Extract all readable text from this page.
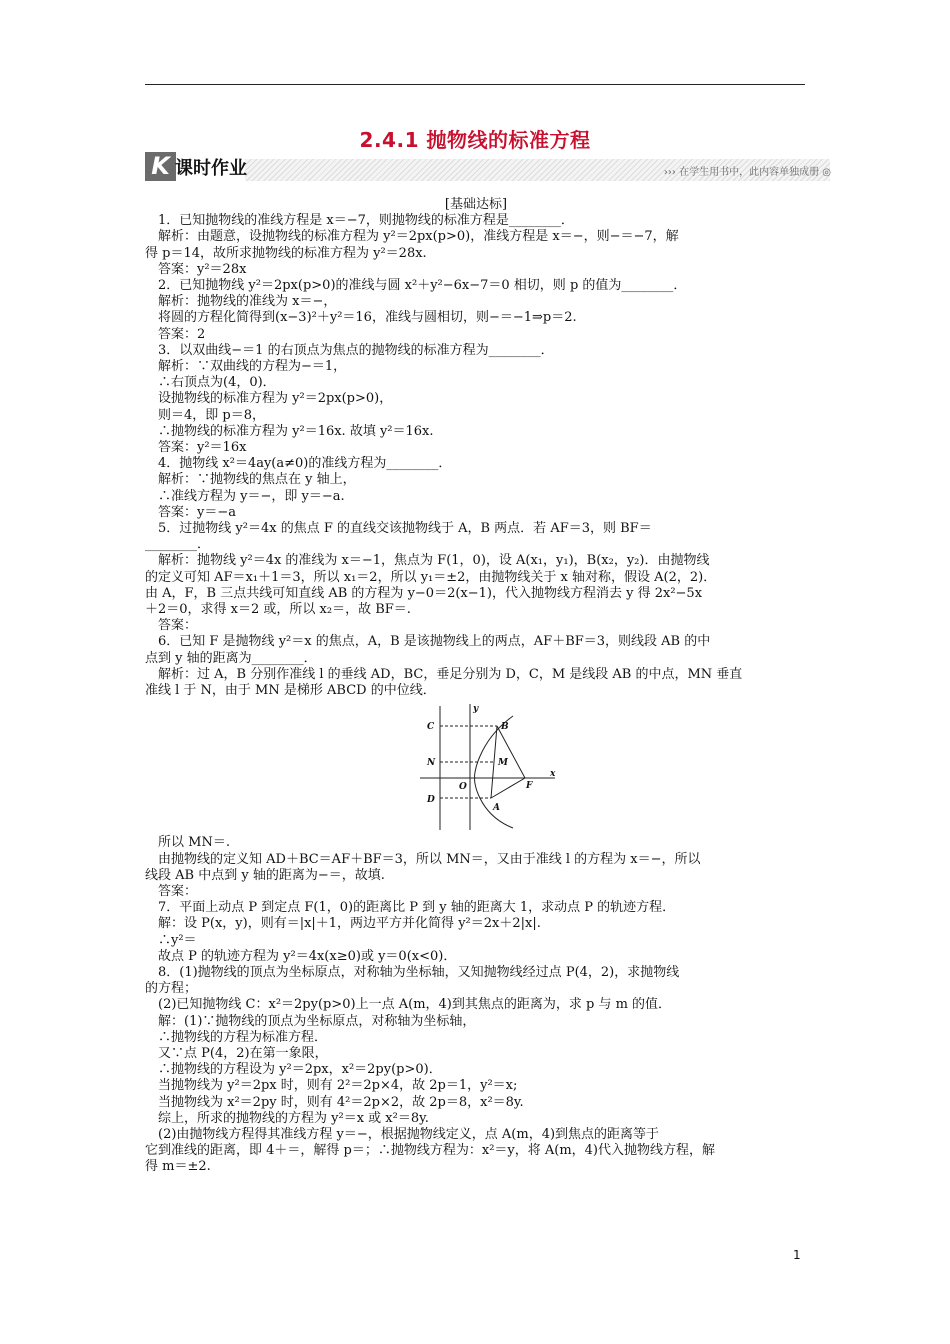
2.4.1 抛物线的标准方程
K 课时作业	››› 在学生用书中，此内容单独成册 ◎

[基础达标]

　1．已知抛物线的准线方程是 x＝−7，则抛物线的标准方程是________．

　解析：由题意，设抛物线的标准方程为 y²＝2px(p>0)，准线方程是 x＝−，则−＝−7，解

得 p＝14，故所求抛物线的标准方程为 y²＝28x.

　答案：y²＝28x

　2．已知抛物线 y²＝2px(p>0)的准线与圆 x²＋y²−6x−7＝0 相切，则 p 的值为________．

　解析：抛物线的准线为 x＝−，

　将圆的方程化简得到(x−3)²＋y²＝16，准线与圆相切，则−＝−1⇒p＝2.

　答案：2

　3．以双曲线−＝1 的右顶点为焦点的抛物线的标准方程为________．

　解析：∵双曲线的方程为−＝1，

　∴右顶点为(4，0)．

　设抛物线的标准方程为 y²＝2px(p>0)，

　则＝4，即 p＝8，

　∴抛物线的标准方程为 y²＝16x. 故填 y²＝16x.

　答案：y²＝16x

　4．抛物线 x²＝4ay(a≠0)的准线方程为________．

　解析：∵抛物线的焦点在 y 轴上，

　∴准线方程为 y＝−，即 y＝−a.

　答案：y＝−a

　5．过抛物线 y²＝4x 的焦点 F 的直线交该抛物线于 A，B 两点．若 AF＝3，则 BF＝

________．

　解析：抛物线 y²＝4x 的准线为 x＝−1，焦点为 F(1，0)，设 A(x₁，y₁)，B(x₂，y₂)．由抛物线

的定义可知 AF＝x₁＋1＝3，所以 x₁＝2，所以 y₁＝±2，由抛物线关于 x 轴对称，假设 A(2，2)．

由 A，F，B 三点共线可知直线 AB 的方程为 y−0＝2(x−1)，代入抛物线方程消去 y 得 2x²−5x

＋2＝0，求得 x＝2 或，所以 x₂＝，故 BF＝.

　答案：

　6．已知 F 是抛物线 y²＝x 的焦点，A，B 是该抛物线上的两点，AF＋BF＝3，则线段 AB 的中

点到 y 轴的距离为________．

　解析：过 A，B 分别作准线 l 的垂线 AD，BC，垂足分别为 D，C，M 是线段 AB 的中点，MN 垂直

准线 l 于 N，由于 MN 是梯形 ABCD 的中位线．

C
N
D
y
x
B
M
O	F
A

　所以 MN＝.

　由抛物线的定义知 AD＋BC＝AF＋BF＝3，所以 MN＝，又由于准线 l 的方程为 x＝−，所以

线段 AB 中点到 y 轴的距离为−＝，故填.

　答案：

　7．平面上动点 P 到定点 F(1，0)的距离比 P 到 y 轴的距离大 1，求动点 P 的轨迹方程．

　解：设 P(x，y)，则有＝|x|＋1，两边平方并化简得 y²＝2x＋2|x|.

　∴y²＝

　故点 P 的轨迹方程为 y²＝4x(x≥0)或 y＝0(x<0)．

　8．(1)抛物线的顶点为坐标原点，对称轴为坐标轴，又知抛物线经过点 P(4，2)，求抛物线

的方程；

　(2)已知抛物线 C：x²＝2py(p>0)上一点 A(m，4)到其焦点的距离为，求 p 与 m 的值．

　解：(1)∵抛物线的顶点为坐标原点，对称轴为坐标轴，

　∴抛物线的方程为标准方程．

　又∵点 P(4，2)在第一象限，

　∴抛物线的方程设为 y²＝2px，x²＝2py(p>0)．

　当抛物线为 y²＝2px 时，则有 2²＝2p×4，故 2p＝1，y²＝x;

　当抛物线为 x²＝2py 时，则有 4²＝2p×2，故 2p＝8，x²＝8y.

　综上，所求的抛物线的方程为 y²＝x 或 x²＝8y.

　(2)由抛物线方程得其准线方程 y＝−，根据抛物线定义，点 A(m，4)到焦点的距离等于

它到准线的距离，即 4＋＝，解得 p＝；∴抛物线方程为：x²＝y，将 A(m，4)代入抛物线方程，解

得 m＝±2.

1
